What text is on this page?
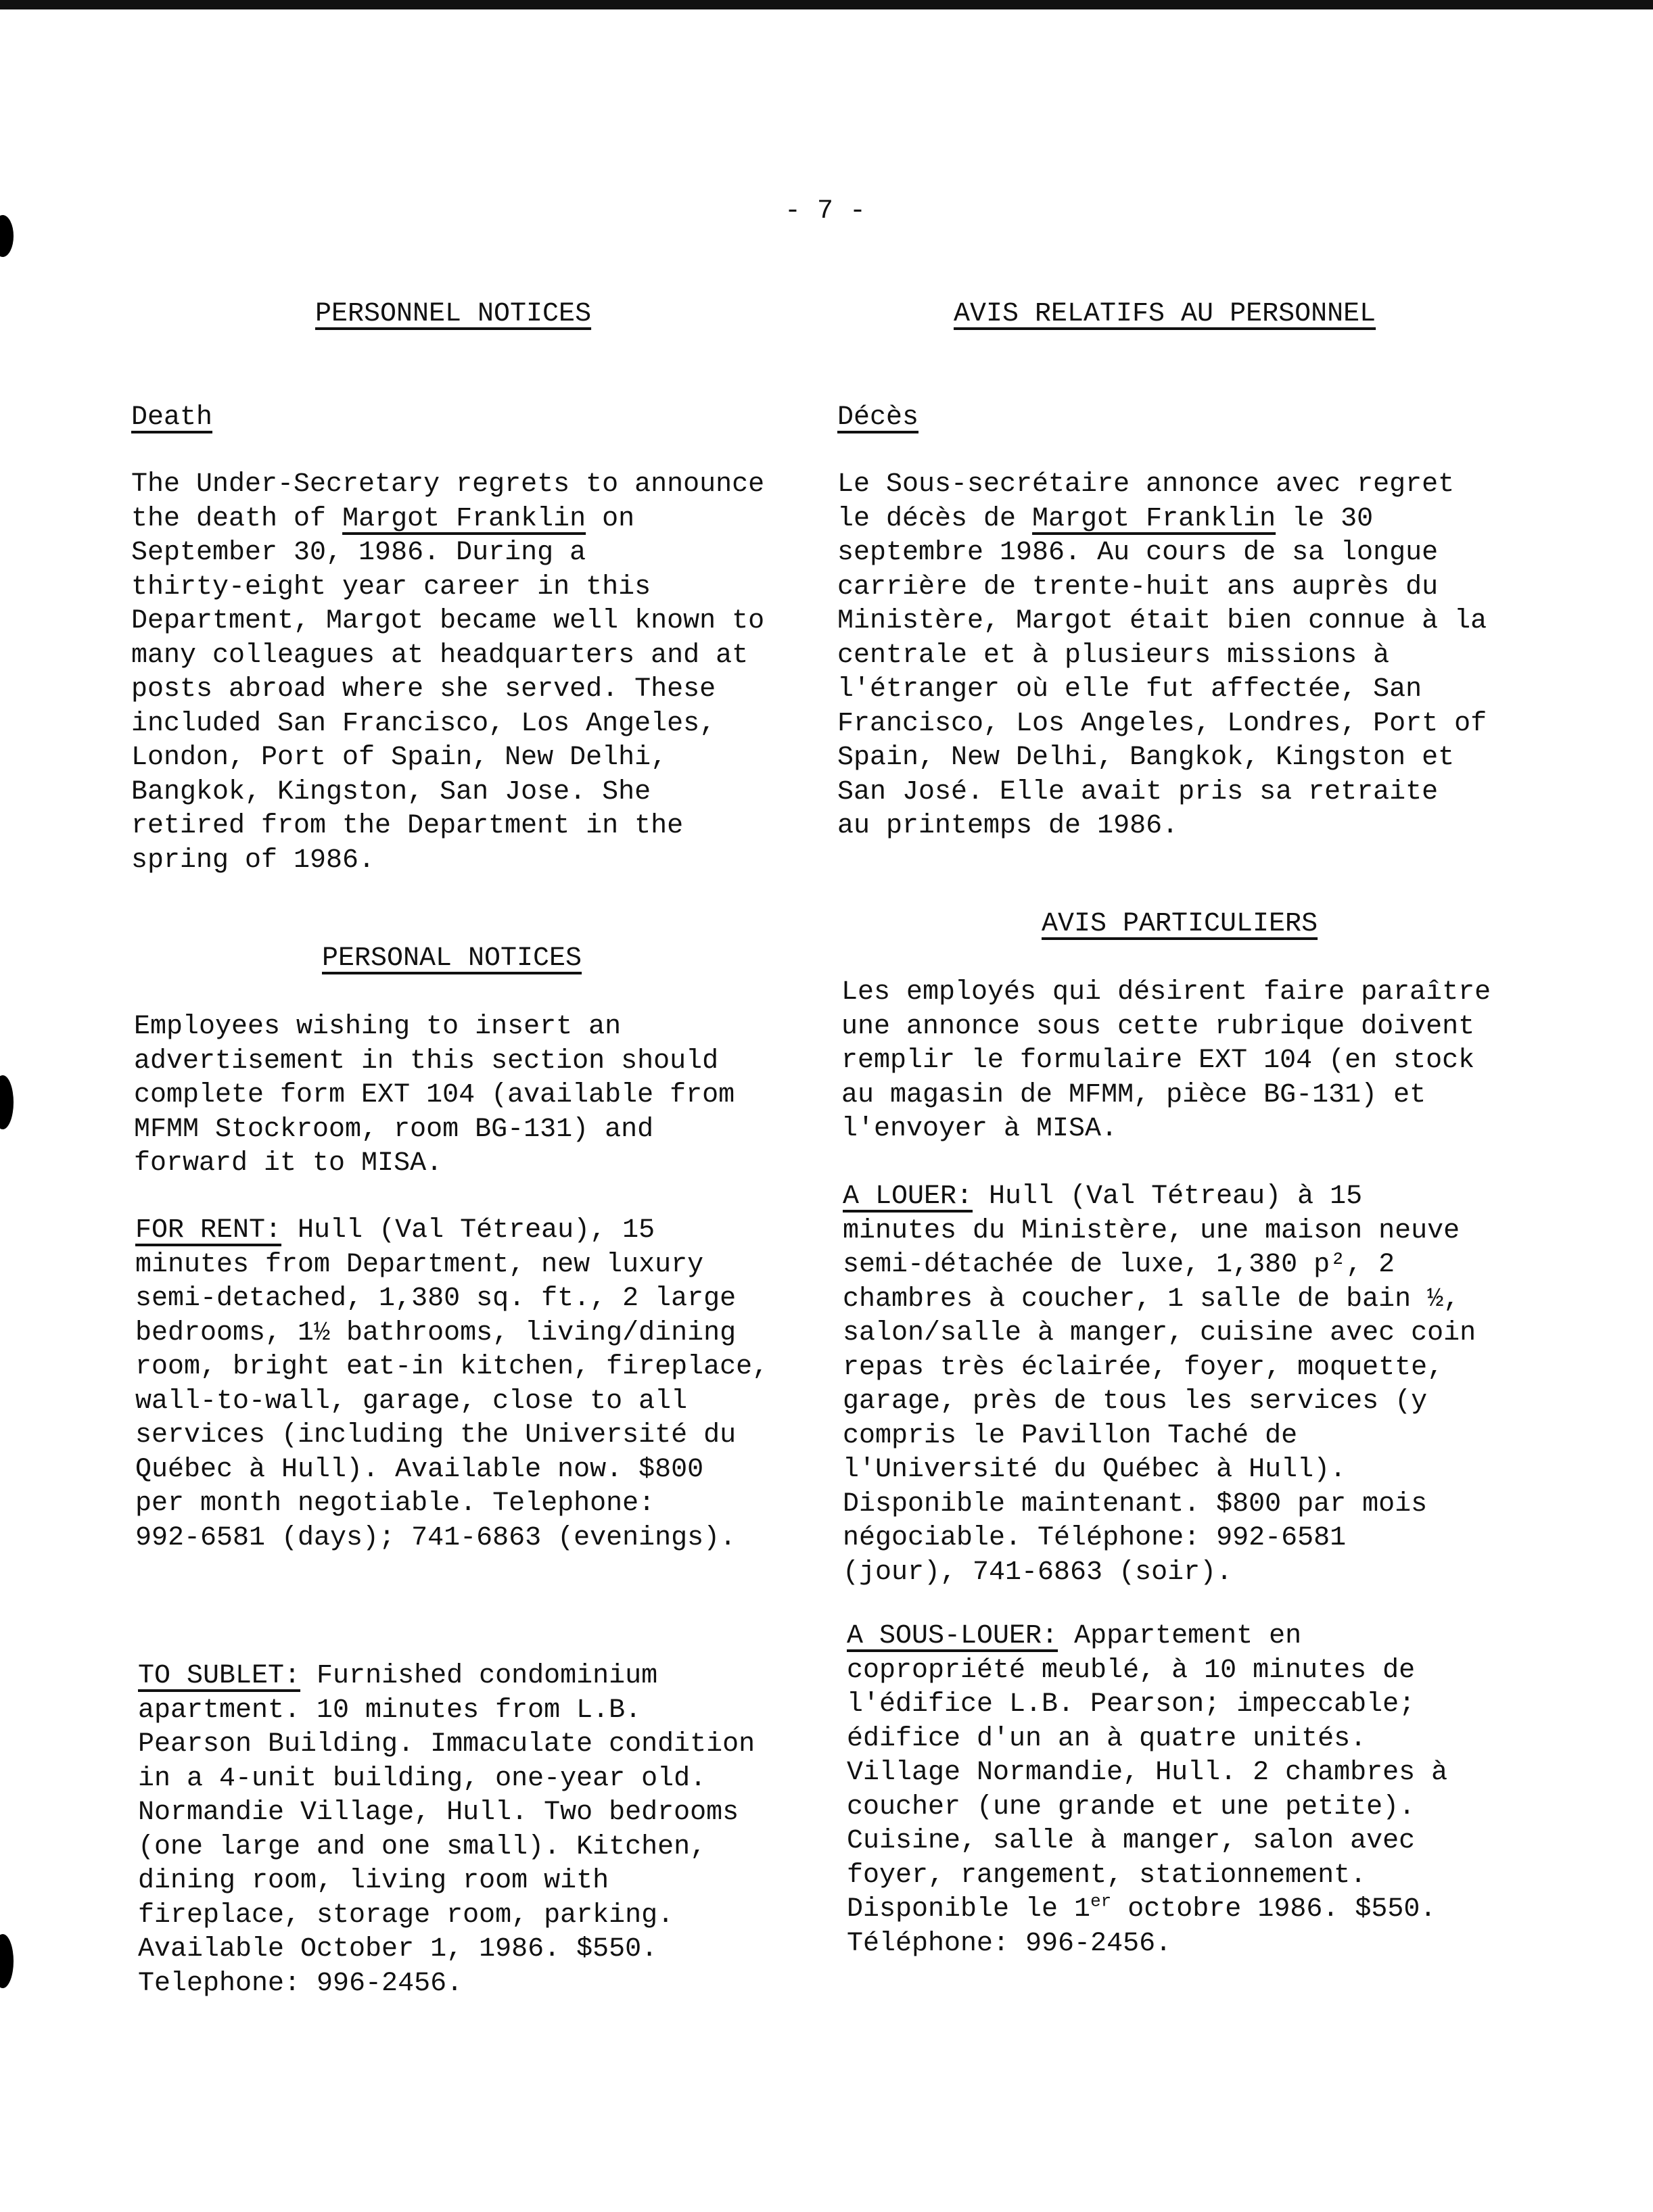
- 7 -
PERSONNEL NOTICES
Death

The Under-Secretary regrets to announce

the death of Margot Franklin on

September 30, 1986. During a

thirty-eight year career in this

Department, Margot became well known to

many colleagues at headquarters and at

posts abroad where she served. These

included San Francisco, Los Angeles,

London, Port of Spain, New Delhi,

Bangkok, Kingston, San Jose. She

retired from the Department in the

spring of 1986.

PERSONAL NOTICES

Employees wishing to insert an

advertisement in this section should

complete form EXT 104 (available from

MFMM Stockroom, room BG-131) and

forward it to MISA.

FOR RENT: Hull (Val Tétreau), 15

minutes from Department, new luxury

semi-detached, 1,380 sq. ft., 2 large

bedrooms, 1½ bathrooms, living/dining

room, bright eat-in kitchen, fireplace,

wall-to-wall, garage, close to all

services (including the Université du

Québec à Hull). Available now. $800

per month negotiable. Telephone:

992-6581 (days); 741-6863 (evenings).

TO SUBLET: Furnished condominium

apartment. 10 minutes from L.B.

Pearson Building. Immaculate condition

in a 4-unit building, one-year old.

Normandie Village, Hull. Two bedrooms

(one large and one small). Kitchen,

dining room, living room with

fireplace, storage room, parking.

Available October 1, 1986. $550.

Telephone: 996-2456.

AVIS RELATIFS AU PERSONNEL
Décès

Le Sous-secrétaire annonce avec regret

le décès de Margot Franklin le 30

septembre 1986. Au cours de sa longue

carrière de trente-huit ans auprès du

Ministère, Margot était bien connue à la

centrale et à plusieurs missions à

l'étranger où elle fut affectée, San

Francisco, Los Angeles, Londres, Port of

Spain, New Delhi, Bangkok, Kingston et

San José. Elle avait pris sa retraite

au printemps de 1986.

AVIS PARTICULIERS

Les employés qui désirent faire paraître

une annonce sous cette rubrique doivent

remplir le formulaire EXT 104 (en stock

au magasin de MFMM, pièce BG-131) et

l'envoyer à MISA.

A LOUER: Hull (Val Tétreau) à 15

minutes du Ministère, une maison neuve

semi-détachée de luxe, 1,380 p², 2

chambres à coucher, 1 salle de bain ½,

salon/salle à manger, cuisine avec coin

repas très éclairée, foyer, moquette,

garage, près de tous les services (y

compris le Pavillon Taché de

l'Université du Québec à Hull).

Disponible maintenant. $800 par mois

négociable. Téléphone: 992-6581

(jour), 741-6863 (soir).

A SOUS-LOUER: Appartement en

copropriété meublé, à 10 minutes de

l'édifice L.B. Pearson; impeccable;

édifice d'un an à quatre unités.

Village Normandie, Hull. 2 chambres à

coucher (une grande et une petite).

Cuisine, salle à manger, salon avec

foyer, rangement, stationnement.

Disponible le 1er octobre 1986. $550.

Téléphone: 996-2456.
